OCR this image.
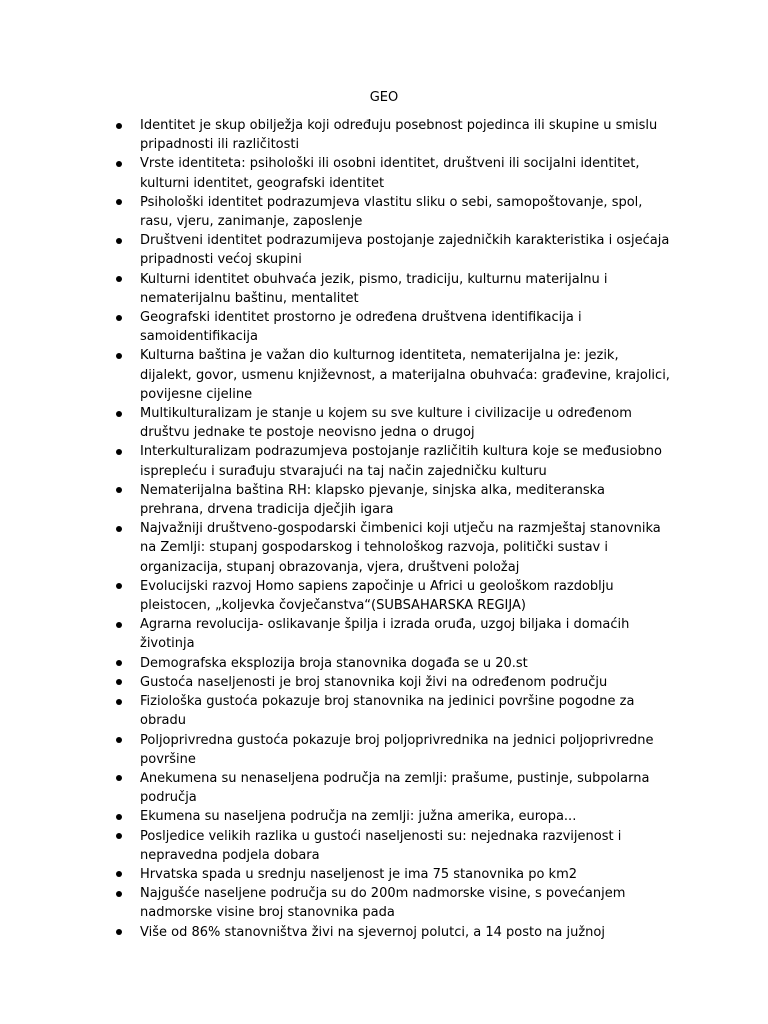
GEO
Identitet je skup obilježja koji određuju posebnost pojedinca ili skupine u smislu pripadnosti ili različitosti
Vrste identiteta: psihološki ili osobni identitet, društveni ili socijalni identitet, kulturni identitet, geografski identitet
Psihološki identitet podrazumjeva vlastitu sliku o sebi, samopoštovanje, spol, rasu, vjeru, zanimanje, zaposlenje
Društveni identitet podrazumijeva postojanje zajedničkih karakteristika i osjećaja pripadnosti većoj skupini
Kulturni identitet obuhvaća jezik, pismo, tradiciju, kulturnu materijalnu i nematerijalnu baštinu, mentalitet
Geografski identitet prostorno je određena društvena identifikacija i samoidentifikacija
Kulturna baština je važan dio kulturnog identiteta, nematerijalna je: jezik, dijalekt, govor, usmenu književnost, a materijalna obuhvaća: građevine, krajolici, povijesne cijeline
Multikulturalizam je stanje u kojem su sve kulture i civilizacije u određenom društvu jednake te postoje neovisno jedna o drugoj
Interkulturalizam podrazumjeva postojanje različitih kultura koje se međusiobno isprepleću i surađuju stvarajući na taj način zajedničku kulturu
Nematerijalna baština RH: klapsko pjevanje, sinjska alka, mediteranska prehrana, drvena tradicija dječjih igara
Najvažniji društveno-gospodarski čimbenici koji utječu na razmještaj stanovnika na Zemlji: stupanj gospodarskog i tehnološkog razvoja, politički sustav i organizacija, stupanj obrazovanja, vjera, društveni položaj
Evolucijski razvoj Homo sapiens započinje u Africi u geološkom razdoblju pleistocen, „koljevka čovječanstva“(SUBSAHARSKA REGIJA)
Agrarna revolucija- oslikavanje špilja i izrada oruđa, uzgoj biljaka i domaćih životinja
Demografska eksplozija broja stanovnika događa se u 20.st
Gustoća naseljenosti je broj stanovnika koji živi na određenom području
Fiziološka gustoća pokazuje broj stanovnika na jedinici površine pogodne za obradu
Poljoprivredna gustoća pokazuje broj poljoprivrednika na jednici poljoprivredne površine
Anekumena su nenaseljena područja na zemlji: prašume, pustinje, subpolarna područja
Ekumena su naseljena područja na zemlji: južna amerika, europa...
Posljedice velikih razlika u gustoći naseljenosti su: nejednaka razvijenost i nepravedna podjela dobara
Hrvatska spada u srednju naseljenost je ima 75 stanovnika po km2
Najgušće naseljene područja su do 200m nadmorske visine, s povećanjem nadmorske visine broj stanovnika pada
Više od 86% stanovništva živi na sjevernoj polutci, a 14 posto na južnoj
